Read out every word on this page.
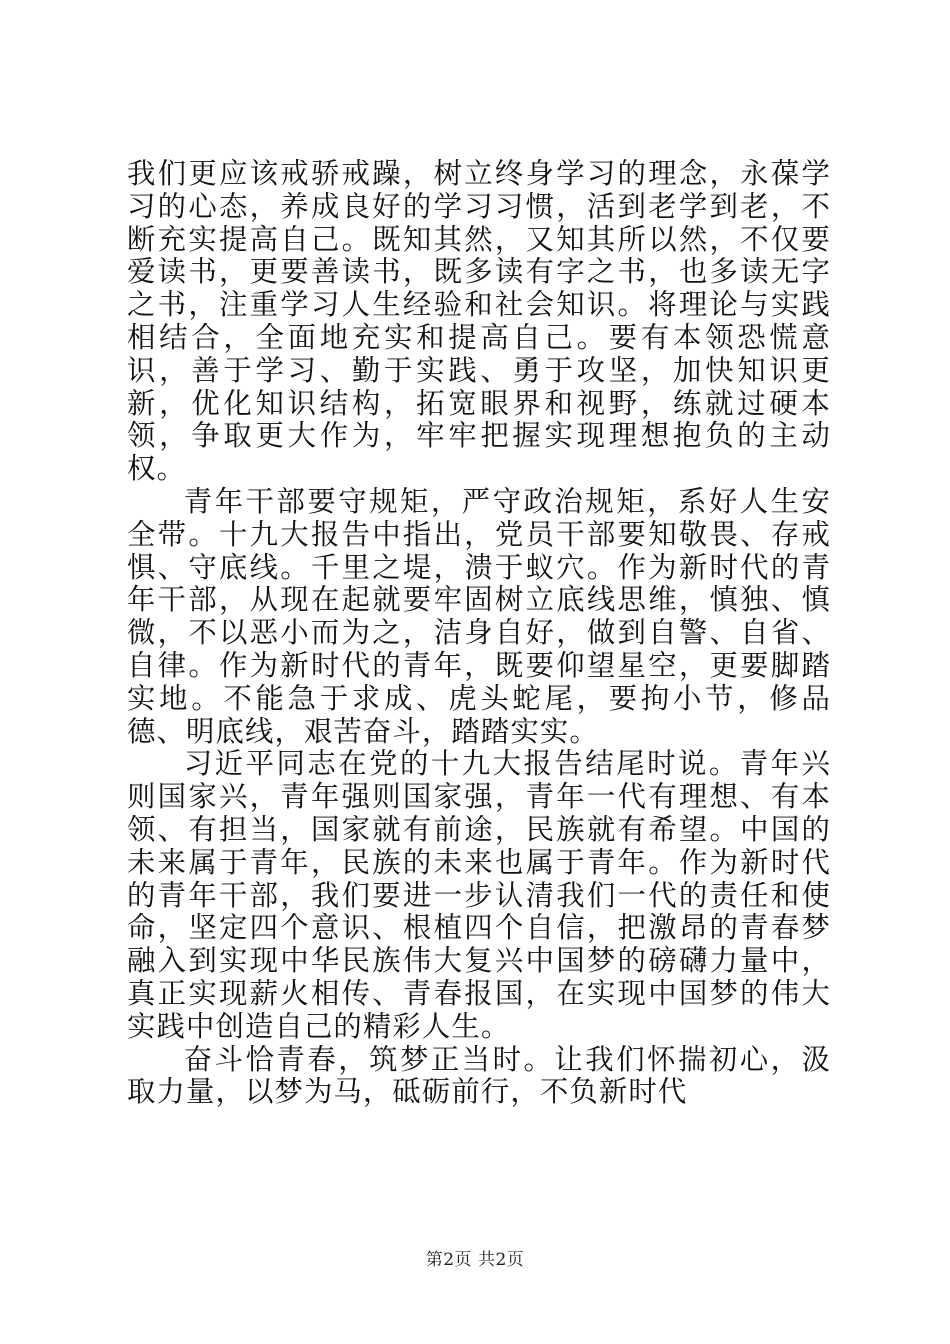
我们更应该戒骄戒躁，树立终身学习的理念，永葆学习的心态，养成良好的学习习惯，活到老学到老，不断充实提高自己。既知其然，又知其所以然，不仅要爱读书，更要善读书，既多读有字之书，也多读无字之书，注重学习人生经验和社会知识。将理论与实践相结合，全面地充实和提高自己。要有本领恐慌意识，善于学习、勤于实践、勇于攻坚，加快知识更新，优化知识结构，拓宽眼界和视野，练就过硬本领，争取更大作为，牢牢把握实现理想抱负的主动权。

青年干部要守规矩，严守政治规矩，系好人生安全带。十九大报告中指出，党员干部要知敬畏、存戒惧、守底线。千里之堤，溃于蚁穴。作为新时代的青年干部，从现在起就要牢固树立底线思维，慎独、慎微，不以恶小而为之，洁身自好，做到自警、自省、自律。作为新时代的青年，既要仰望星空，更要脚踏实地。不能急于求成、虎头蛇尾，要拘小节，修品德、明底线，艰苦奋斗，踏踏实实。

习近平同志在党的十九大报告结尾时说。青年兴则国家兴，青年强则国家强，青年一代有理想、有本领、有担当，国家就有前途，民族就有希望。中国的未来属于青年，民族的未来也属于青年。作为新时代的青年干部，我们要进一步认清我们一代的责任和使命，坚定四个意识、根植四个自信，把激昂的青春梦融入到实现中华民族伟大复兴中国梦的磅礴力量中，真正实现薪火相传、青春报国，在实现中国梦的伟大实践中创造自己的精彩人生。

奋斗恰青春，筑梦正当时。让我们怀揣初心，汲取力量，以梦为马，砥砺前行，不负新时代

第2页 共2页
